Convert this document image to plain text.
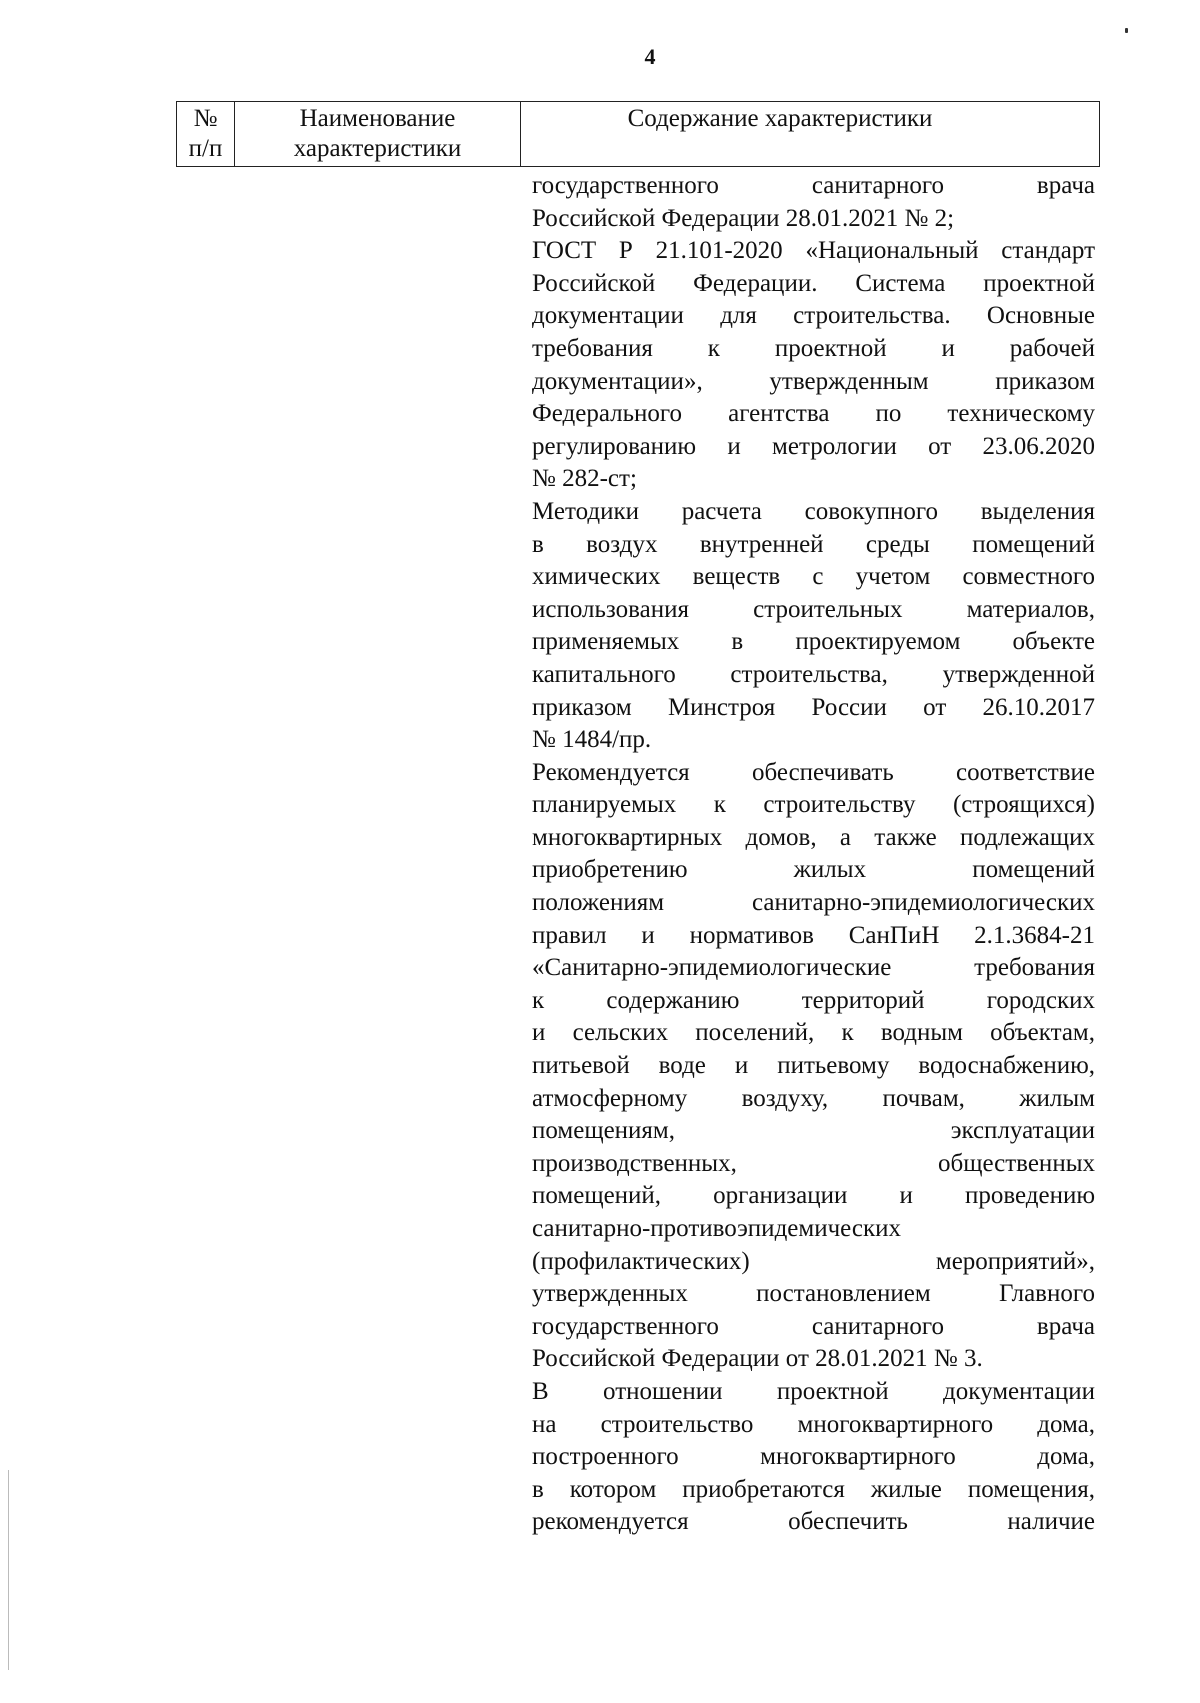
4
№
п/п
Наименование
характеристики
Содержание характеристики
государственного санитарного врача
Российской Федерации 28.01.2021 № 2;
ГОСТ Р 21.101-2020 «Национальный стандарт
Российской Федерации. Система проектной
документации для строительства. Основные
требования к проектной и рабочей
документации», утвержденным приказом
Федерального агентства по техническому
регулированию и метрологии от 23.06.2020
№ 282-ст;
Методики расчета совокупного выделения
в воздух внутренней среды помещений
химических веществ с учетом совместного
использования строительных материалов,
применяемых в проектируемом объекте
капитального строительства, утвержденной
приказом Минстроя России от 26.10.2017
№ 1484/пр.
Рекомендуется обеспечивать соответствие
планируемых к строительству (строящихся)
многоквартирных домов, а также подлежащих
приобретению жилых помещений
положениям санитарно-эпидемиологических
правил и нормативов СанПиН 2.1.3684-21
«Санитарно-эпидемиологические требования
к содержанию территорий городских
и сельских поселений, к водным объектам,
питьевой воде и питьевому водоснабжению,
атмосферному воздуху, почвам, жилым
помещениям, эксплуатации
производственных, общественных
помещений, организации и проведению
санитарно-противоэпидемических
(профилактических) мероприятий»,
утвержденных постановлением Главного
государственного санитарного врача
Российской Федерации от 28.01.2021 № 3.
В отношении проектной документации
на строительство многоквартирного дома,
построенного многоквартирного дома,
в котором приобретаются жилые помещения,
рекомендуется обеспечить наличие
